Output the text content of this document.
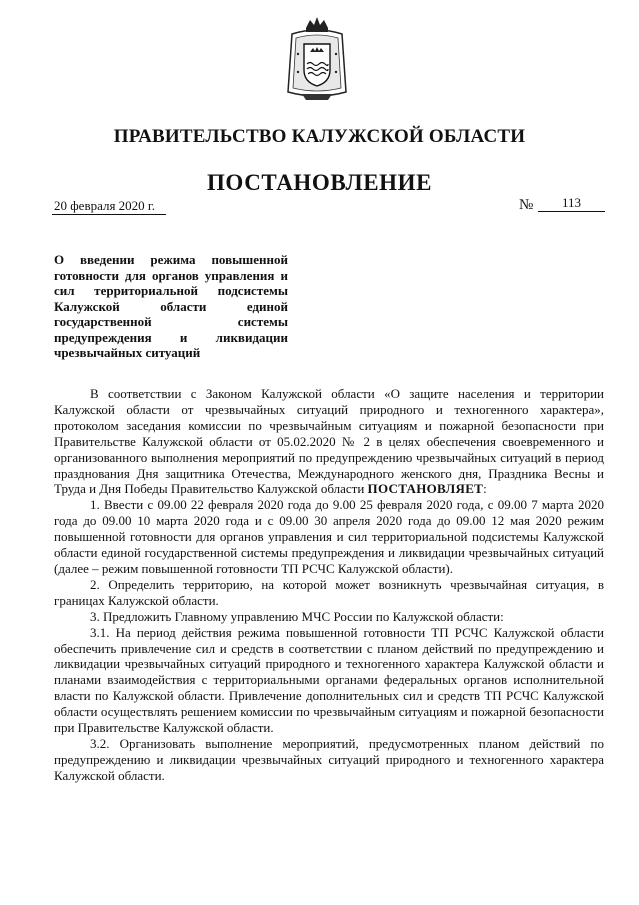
ПРАВИТЕЛЬСТВО КАЛУЖСКОЙ ОБЛАСТИ
ПОСТАНОВЛЕНИЕ
20 февраля 2020 г.	№	113
О введении режима повышенной готовности для органов управления и сил территориальной подсистемы Калужской области единой государственной системы предупреждения и ликвидации чрезвычайных ситуаций

В соответствии с Законом Калужской области «О защите населения и территории Калужской области от чрезвычайных ситуаций природного и техногенного характера», протоколом заседания комиссии по чрезвычайным ситуациям и пожарной безопасности при Правительстве Калужской области от 05.02.2020 № 2 в целях обеспечения своевременного и организованного выполнения мероприятий по предупреждению чрезвычайных ситуаций в период празднования Дня защитника Отечества, Международного женского дня, Праздника Весны и Труда и Дня Победы Правительство Калужской области ПОСТАНОВЛЯЕТ:

1. Ввести с 09.00 22 февраля 2020 года до 9.00 25 февраля 2020 года, с 09.00 7 марта 2020 года до 09.00 10 марта 2020 года и с 09.00 30 апреля 2020 года до 09.00 12 мая 2020 режим повышенной готовности для органов управления и сил территориальной подсистемы Калужской области единой государственной системы предупреждения и ликвидации чрезвычайных ситуаций (далее – режим повышенной готовности ТП РСЧС Калужской области).

2. Определить территорию, на которой может возникнуть чрезвычайная ситуация, в границах Калужской области.

3. Предложить Главному управлению МЧС России по Калужской области:

3.1. На период действия режима повышенной готовности ТП РСЧС Калужской области обеспечить привлечение сил и средств в соответствии с планом действий по предупреждению и ликвидации чрезвычайных ситуаций природного и техногенного характера Калужской области и планами взаимодействия с территориальными органами федеральных органов исполнительной власти по Калужской области. Привлечение дополнительных сил и средств ТП РСЧС Калужской области осуществлять решением комиссии по чрезвычайным ситуациям и пожарной безопасности при Правительстве Калужской области.

3.2. Организовать выполнение мероприятий, предусмотренных планом действий по предупреждению и ликвидации чрезвычайных ситуаций природного и техногенного характера Калужской области.
